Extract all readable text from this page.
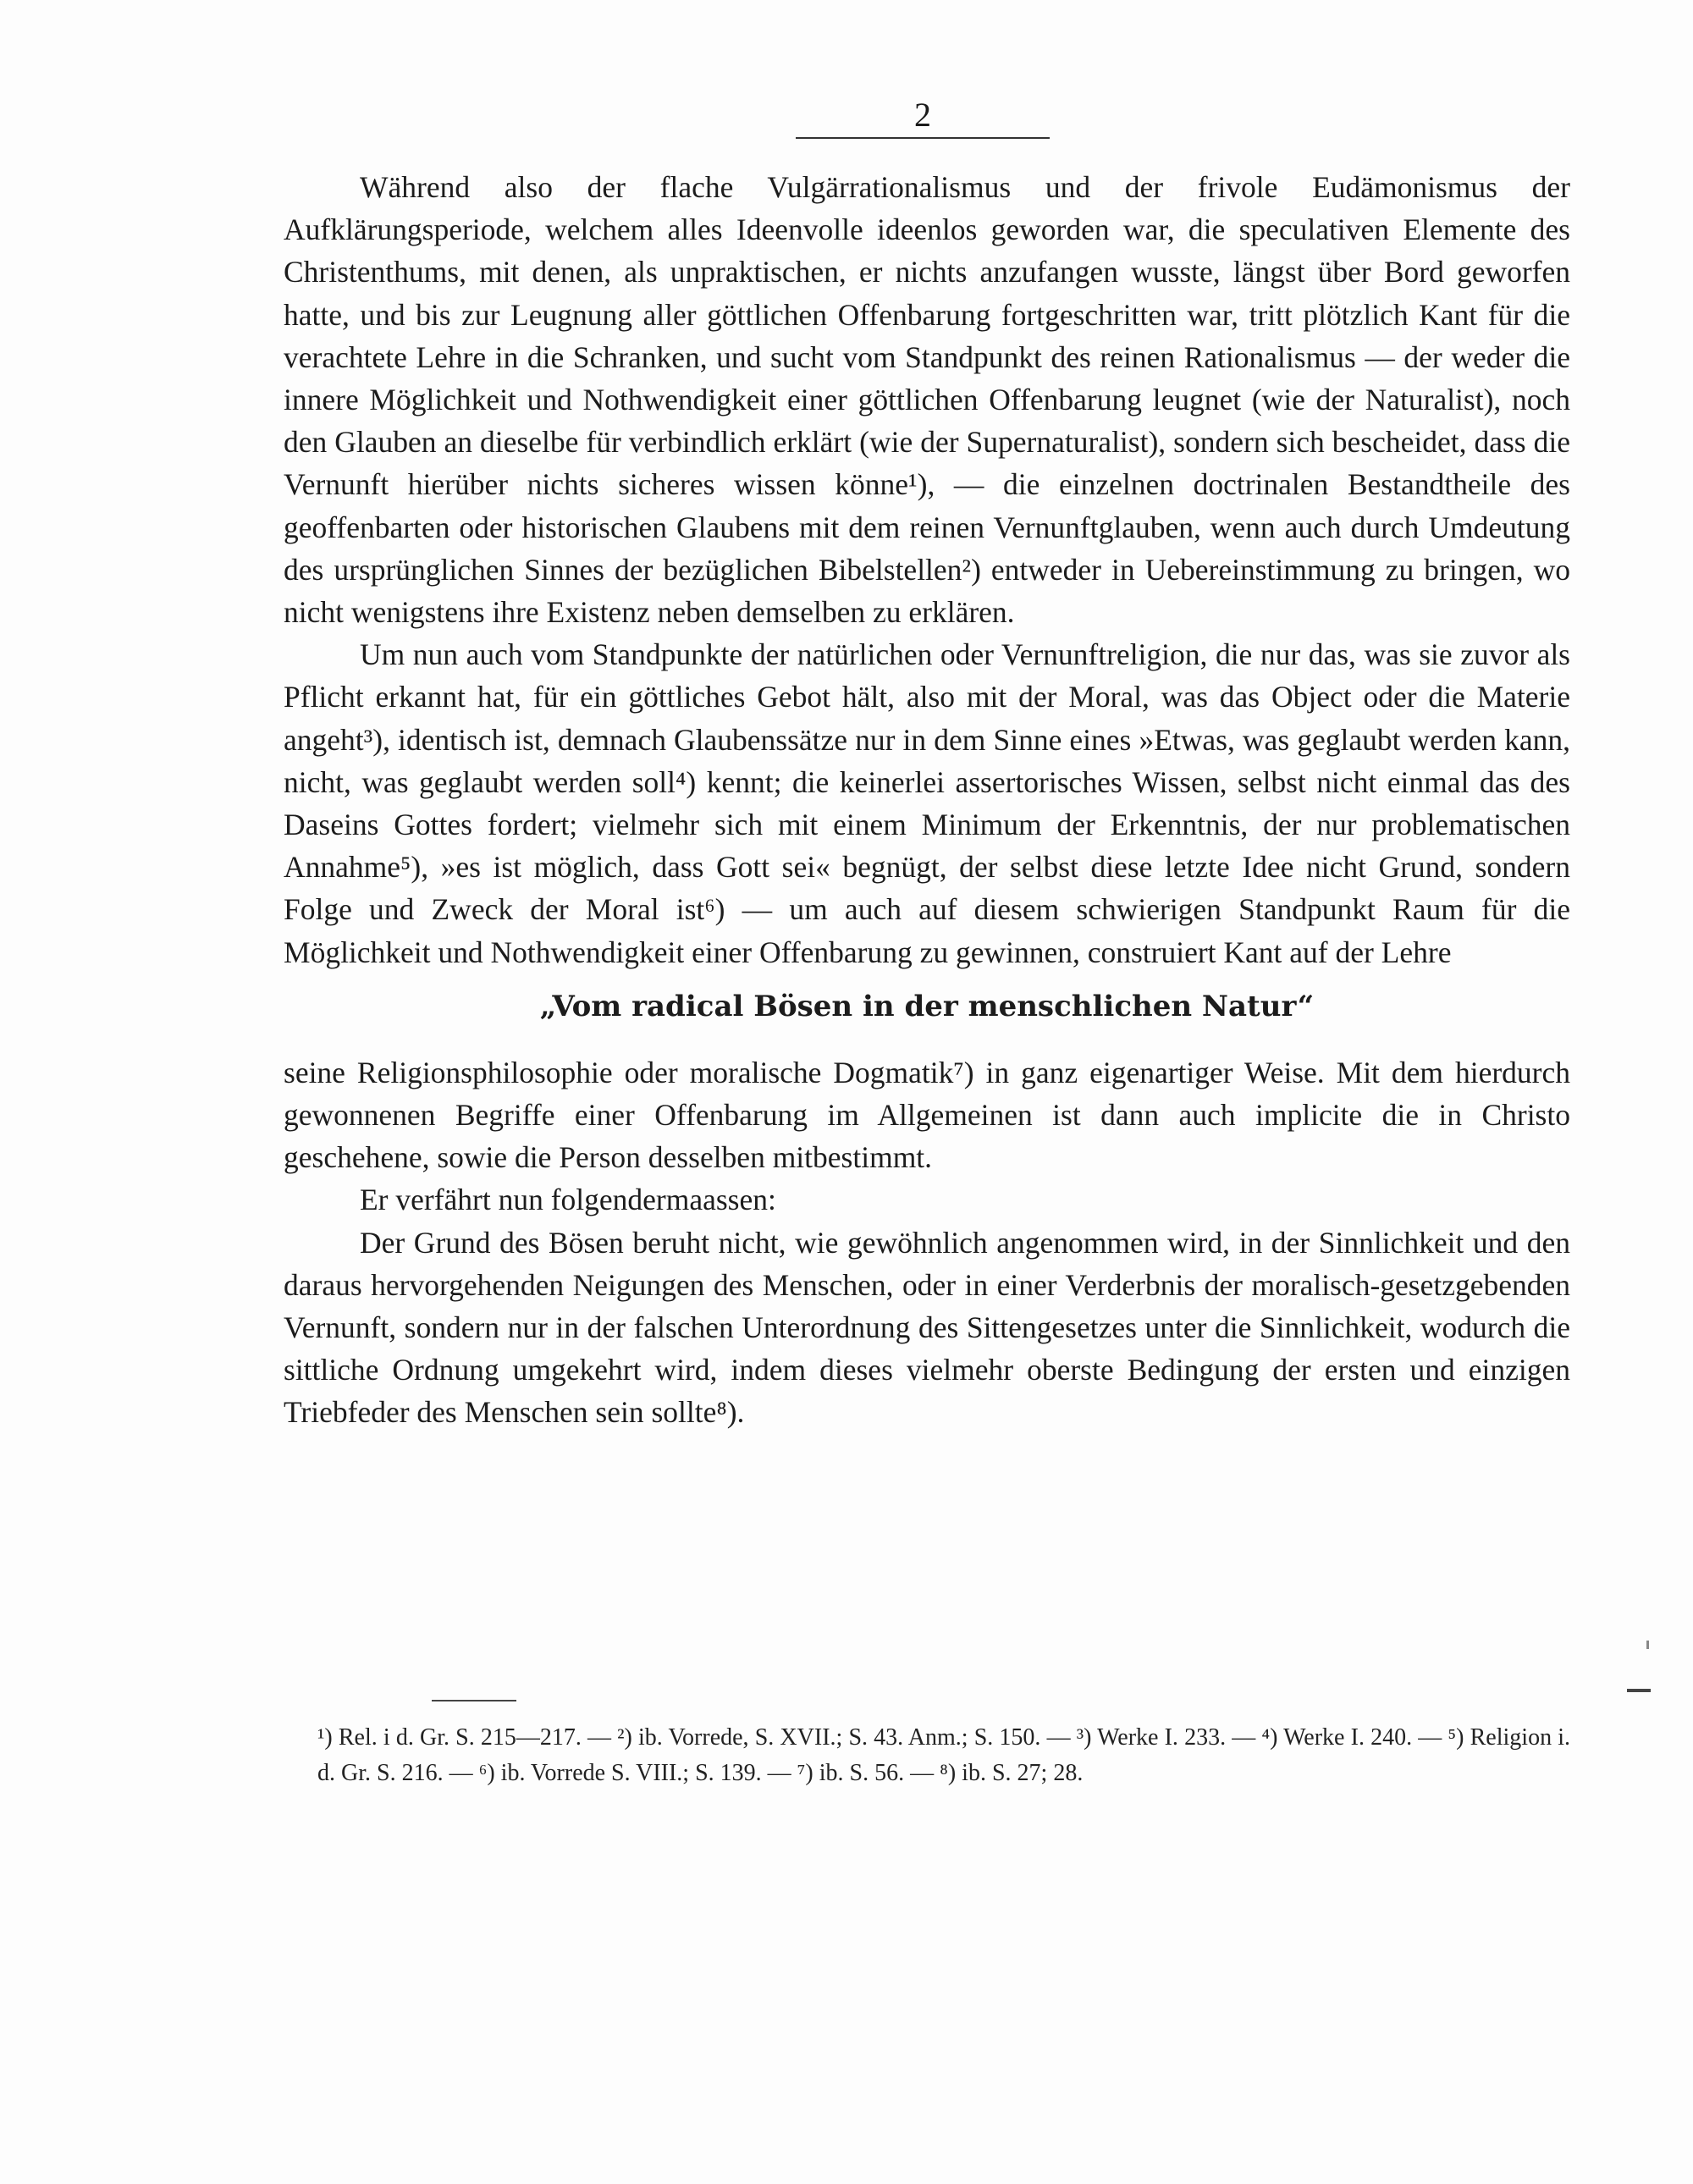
2

Während also der flache Vulgärrationalismus und der frivole Eudämonismus der Aufklärungsperiode, welchem alles Ideenvolle ideenlos geworden war, die speculativen Elemente des Christenthums, mit denen, als unpraktischen, er nichts anzufangen wusste, längst über Bord geworfen hatte, und bis zur Leugnung aller göttlichen Offenbarung fortgeschritten war, tritt plötzlich Kant für die verachtete Lehre in die Schranken, und sucht vom Standpunkt des reinen Rationalismus — der weder die innere Möglichkeit und Nothwendigkeit einer göttlichen Offenbarung leugnet (wie der Naturalist), noch den Glauben an dieselbe für verbindlich erklärt (wie der Supernaturalist), sondern sich bescheidet, dass die Vernunft hierüber nichts sicheres wissen könne¹), — die einzelnen doctrinalen Bestandtheile des geoffenbarten oder historischen Glaubens mit dem reinen Vernunftglauben, wenn auch durch Umdeutung des ursprünglichen Sinnes der bezüglichen Bibelstellen²) entweder in Uebereinstimmung zu bringen, wo nicht wenigstens ihre Existenz neben demselben zu erklären.

Um nun auch vom Standpunkte der natürlichen oder Vernunftreligion, die nur das, was sie zuvor als Pflicht erkannt hat, für ein göttliches Gebot hält, also mit der Moral, was das Object oder die Materie angeht³), identisch ist, demnach Glaubenssätze nur in dem Sinne eines »Etwas, was geglaubt werden kann, nicht, was geglaubt werden soll⁴) kennt; die keinerlei assertorisches Wissen, selbst nicht einmal das des Daseins Gottes fordert; vielmehr sich mit einem Minimum der Erkenntnis, der nur problematischen Annahme⁵), »es ist möglich, dass Gott sei« begnügt, der selbst diese letzte Idee nicht Grund, sondern Folge und Zweck der Moral ist⁶) — um auch auf diesem schwierigen Standpunkt Raum für die Möglichkeit und Nothwendigkeit einer Offenbarung zu gewinnen, construiert Kant auf der Lehre

„Vom radical Bösen in der menschlichen Natur“

seine Religionsphilosophie oder moralische Dogmatik⁷) in ganz eigenartiger Weise. Mit dem hierdurch gewonnenen Begriffe einer Offenbarung im Allgemeinen ist dann auch implicite die in Christo geschehene, sowie die Person desselben mitbestimmt.

Er verfährt nun folgendermaassen:

Der Grund des Bösen beruht nicht, wie gewöhnlich angenommen wird, in der Sinnlichkeit und den daraus hervorgehenden Neigungen des Menschen, oder in einer Verderbnis der moralisch-gesetzgebenden Vernunft, sondern nur in der falschen Unterordnung des Sittengesetzes unter die Sinnlichkeit, wodurch die sittliche Ordnung umgekehrt wird, indem dieses vielmehr oberste Bedingung der ersten und einzigen Triebfeder des Menschen sein sollte⁸).

¹) Rel. i d. Gr. S. 215—217. — ²) ib. Vorrede, S. XVII.; S. 43. Anm.; S. 150. — ³) Werke I. 233. — ⁴) Werke I. 240. — ⁵) Religion i. d. Gr. S. 216. — ⁶) ib. Vorrede S. VIII.; S. 139. — ⁷) ib. S. 56. — ⁸) ib. S. 27; 28.
